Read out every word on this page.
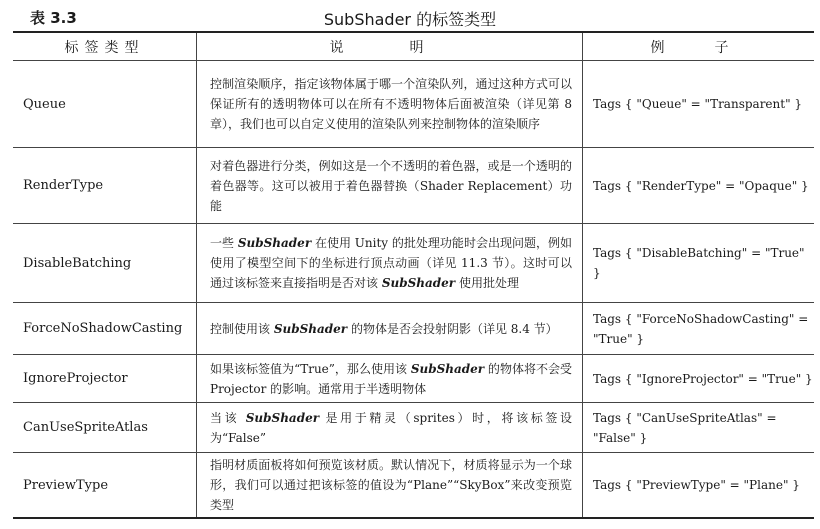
表 3.3	SubShader 的标签类型
标签类型	说　明	例　子
Queue	控制渲染顺序，指定该物体属于哪一个渲染队列，通过这种方式可以保证所有的透明物体可以在所有不透明物体后面被渲染（详见第 8 章），我们也可以自定义使用的渲染队列来控制物体的渲染顺序	Tags { "Queue" = "Transparent" }
RenderType	对着色器进行分类，例如这是一个不透明的着色器，或是一个透明的着色器等。这可以被用于着色器替换（Shader Replacement）功能	Tags { "RenderType" = "Opaque" }
DisableBatching	一些 SubShader 在使用 Unity 的批处理功能时会出现问题，例如使用了模型空间下的坐标进行顶点动画（详见 11.3 节）。这时可以通过该标签来直接指明是否对该 SubShader 使用批处理	Tags { "DisableBatching" = "True" }
ForceNoShadowCasting	控制使用该 SubShader 的物体是否会投射阴影（详见 8.4 节）	Tags { "ForceNoShadowCasting" = "True" }
IgnoreProjector	如果该标签值为“True”，那么使用该 SubShader 的物体将不会受 Projector 的影响。通常用于半透明物体	Tags { "IgnoreProjector" = "True" }
CanUseSpriteAtlas	当该 SubShader 是用于精灵（sprites）时，将该标签设为“False”	Tags { "CanUseSpriteAtlas" = "False" }
PreviewType	指明材质面板将如何预览该材质。默认情况下，材质将显示为一个球形，我们可以通过把该标签的值设为“Plane”“SkyBox”来改变预览类型	Tags { "PreviewType" = "Plane" }
